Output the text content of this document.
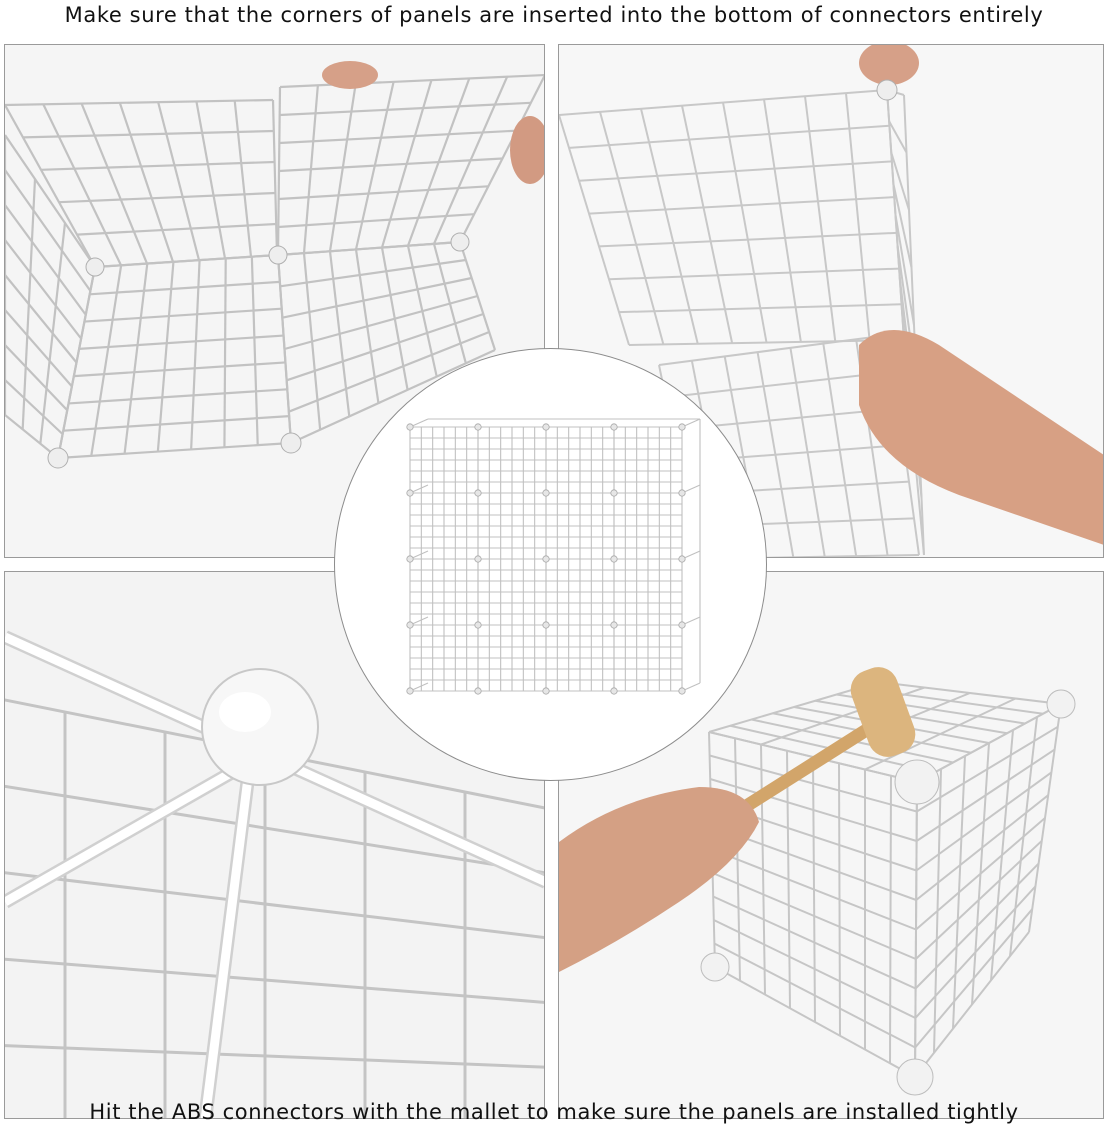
Make sure that the corners of panels are inserted into the bottom of connectors entirely
Hit the ABS connectors with the mallet to make sure the panels are installed tightly
